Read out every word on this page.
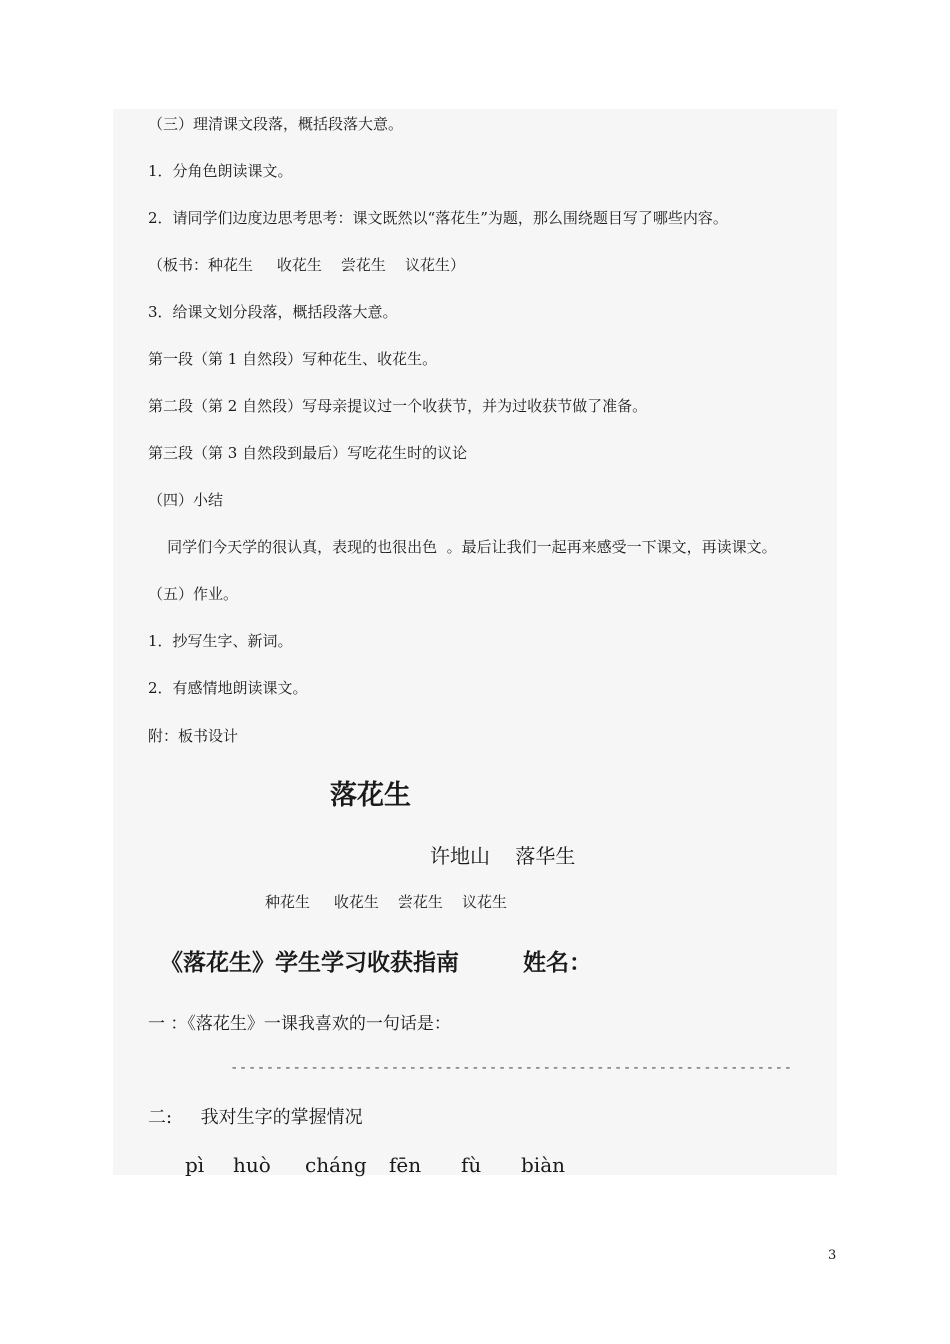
（三）理清课文段落，概括段落大意。
1．分角色朗读课文。
2．请同学们边度边思考思考：课文既然以“落花生”为题，那么围绕题目写了哪些内容。
（板书：种花生     收花生    尝花生    议花生）
3．给课文划分段落，概括段落大意。
第一段（第 1 自然段）写种花生、收花生。
第二段（第 2 自然段）写母亲提议过一个收获节，并为过收获节做了准备。
第三段（第 3 自然段到最后）写吃花生时的议论
（四）小结
同学们今天学的很认真，表现的也很出色  。最后让我们一起再来感受一下课文，再读课文。
（五）作业。
1．抄写生字、新词。
2．有感情地朗读课文。
附：板书设计
落花生
许地山    落华生
种花生     收花生    尝花生    议花生
《落花生》学生学习收获指南        姓名：
一 ：《落花生》一课我喜欢的一句话是：
---------------------------------------------------------------
二:     我对生字的掌握情况
pì huò cháng fēn fù biàn
3
